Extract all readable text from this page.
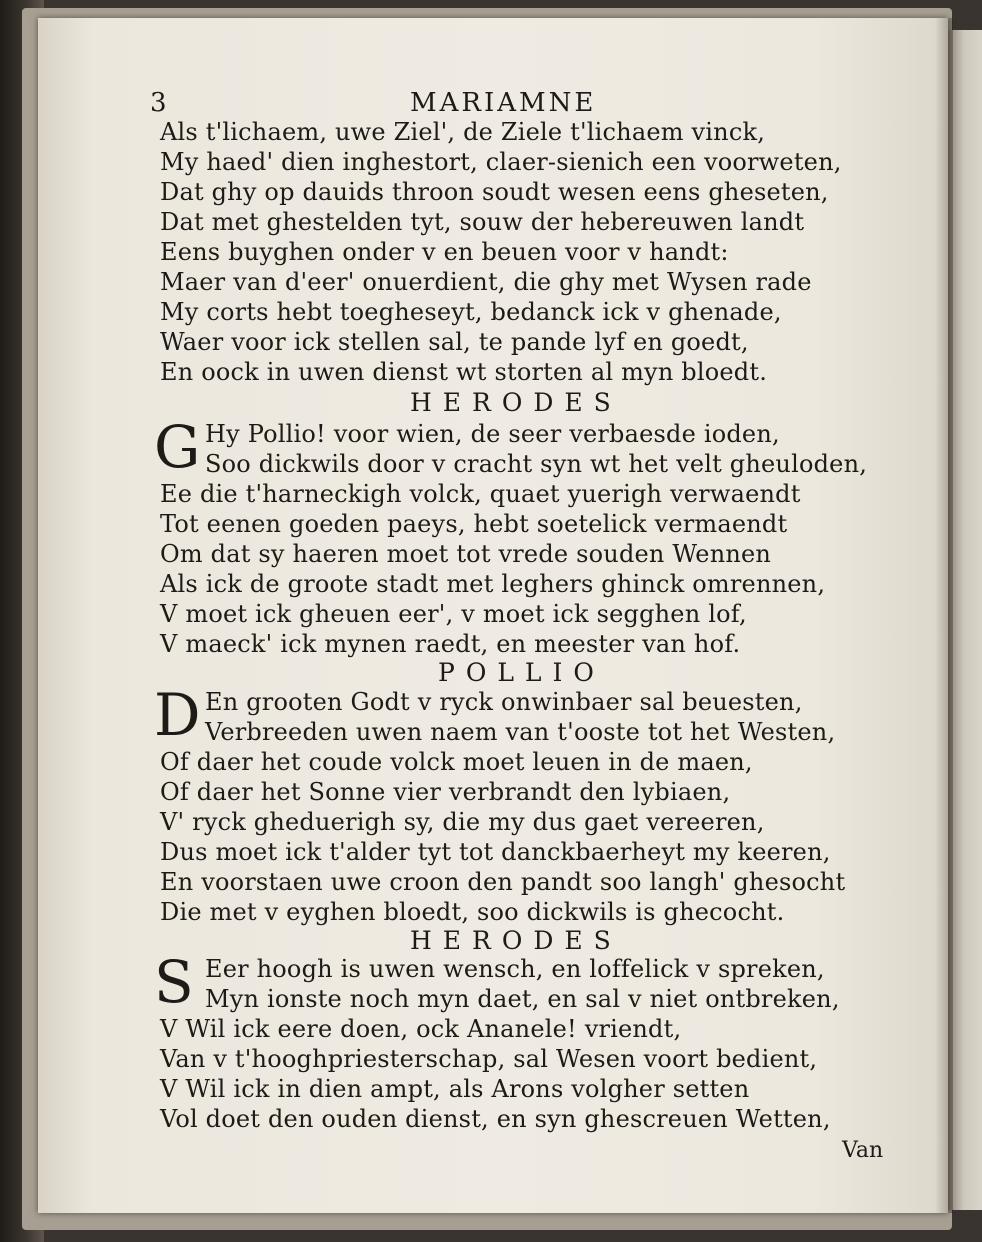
3	MARIAMNE
Als t'lichaem, uwe Ziel', de Ziele t'lichaem vinck,
My haed' dien inghestort, claer-sienich een voorweten,
Dat ghy op dauids throon soudt wesen eens gheseten,
Dat met ghestelden tyt, souw der hebereuwen landt
Eens buyghen onder v en beuen voor v handt:
Maer van d'eer' onuerdient, die ghy met Wysen rade
My corts hebt toegheseyt, bedanck ick v ghenade,
Waer voor ick stellen sal, te pande lyf en goedt,
En oock in uwen dienst wt storten al myn bloedt.
HERODES
G Hy Pollio! voor wien, de seer verbaesde ioden,
Soo dickwils door v cracht syn wt het velt gheuloden,
Ee die t'harneckigh volck, quaet yuerigh verwaendt
Tot eenen goeden paeys, hebt soetelick vermaendt
Om dat sy haeren moet tot vrede souden Wennen
Als ick de groote stadt met leghers ghinck omrennen,
V moet ick gheuen eer', v moet ick segghen lof,
V maeck' ick mynen raedt, en meester van hof.
POLLIO
D En grooten Godt v ryck onwinbaer sal beuesten,
Verbreeden uwen naem van t'ooste tot het Westen,
Of daer het coude volck moet leuen in de maen,
Of daer het Sonne vier verbrandt den lybiaen,
V' ryck gheduerigh sy, die my dus gaet vereeren,
Dus moet ick t'alder tyt tot danckbaerheyt my keeren,
En voorstaen uwe croon den pandt soo langh' ghesocht
Die met v eyghen bloedt, soo dickwils is ghecocht.
HERODES
S Eer hoogh is uwen wensch, en loffelick v spreken,
Myn ionste noch myn daet, en sal v niet ontbreken,
V Wil ick eere doen, ock Ananele! vriendt,
Van v t'hooghpriesterschap, sal Wesen voort bedient,
V Wil ick in dien ampt, als Arons volgher setten
Vol doet den ouden dienst, en syn ghescreuen Wetten,
Van
